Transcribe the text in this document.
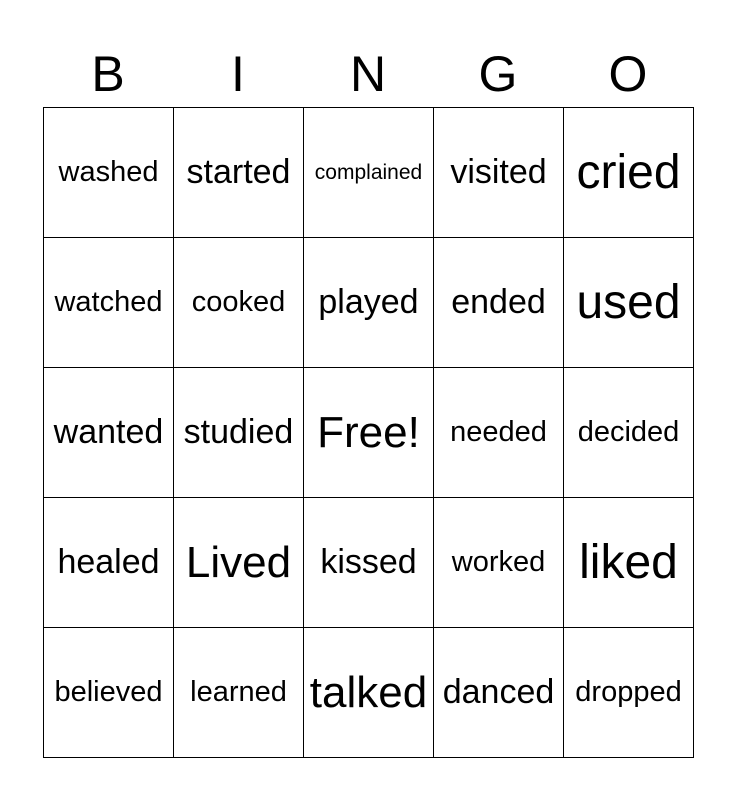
B	I	N	G	O
washed started complained visited cried
watched cooked played ended used
wanted studied Free! needed decided
healed Lived kissed worked liked
believed learned talked danced dropped
